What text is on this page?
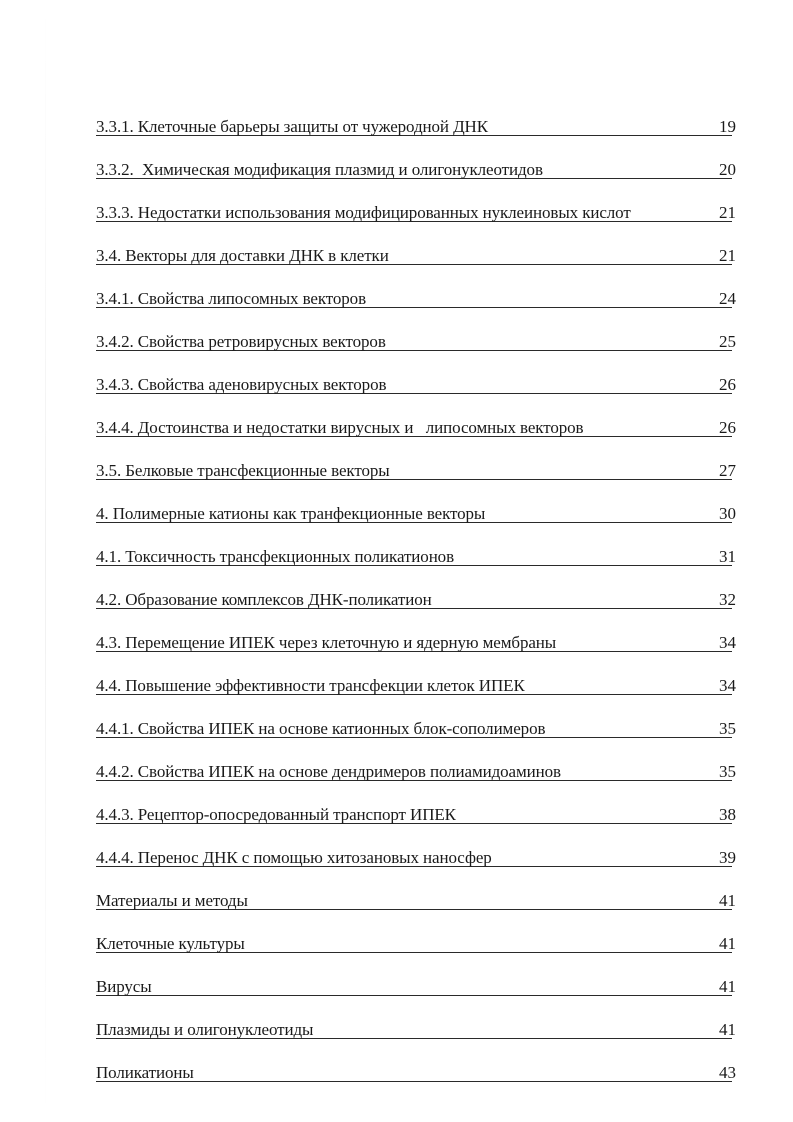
3.3.1. Клеточные барьеры защиты от чужеродной ДНК	19
3.3.2.  Химическая модификация плазмид и олигонуклеотидов	20
3.3.3. Недостатки использования модифицированных нуклеиновых кислот	21
3.4. Векторы для доставки ДНК в клетки	21
3.4.1. Свойства липосомных векторов	24
3.4.2. Свойства ретровирусных векторов	25
3.4.3. Свойства аденовирусных векторов	26
3.4.4. Достоинства и недостатки вирусных и   липосомных векторов	26
3.5. Белковые трансфекционные векторы	27
4. Полимерные катионы как транфекционные векторы	30
4.1. Токсичность трансфекционных поликатионов	31
4.2. Образование комплексов ДНК-поликатион	32
4.3. Перемещение ИПЕК через клеточную и ядерную мембраны	34
4.4. Повышение эффективности трансфекции клеток ИПЕК	34
4.4.1. Свойства ИПЕК на основе катионных блок-сополимеров	35
4.4.2. Свойства ИПЕК на основе дендримеров полиамидоаминов	35
4.4.3. Рецептор-опосредованный транспорт ИПЕК	38
4.4.4. Перенос ДНК с помощью хитозановых наносфер	39
Материалы и методы	41
Клеточные культуры	41
Вирусы	41
Плазмиды и олигонуклеотиды	41
Поликатионы	43
